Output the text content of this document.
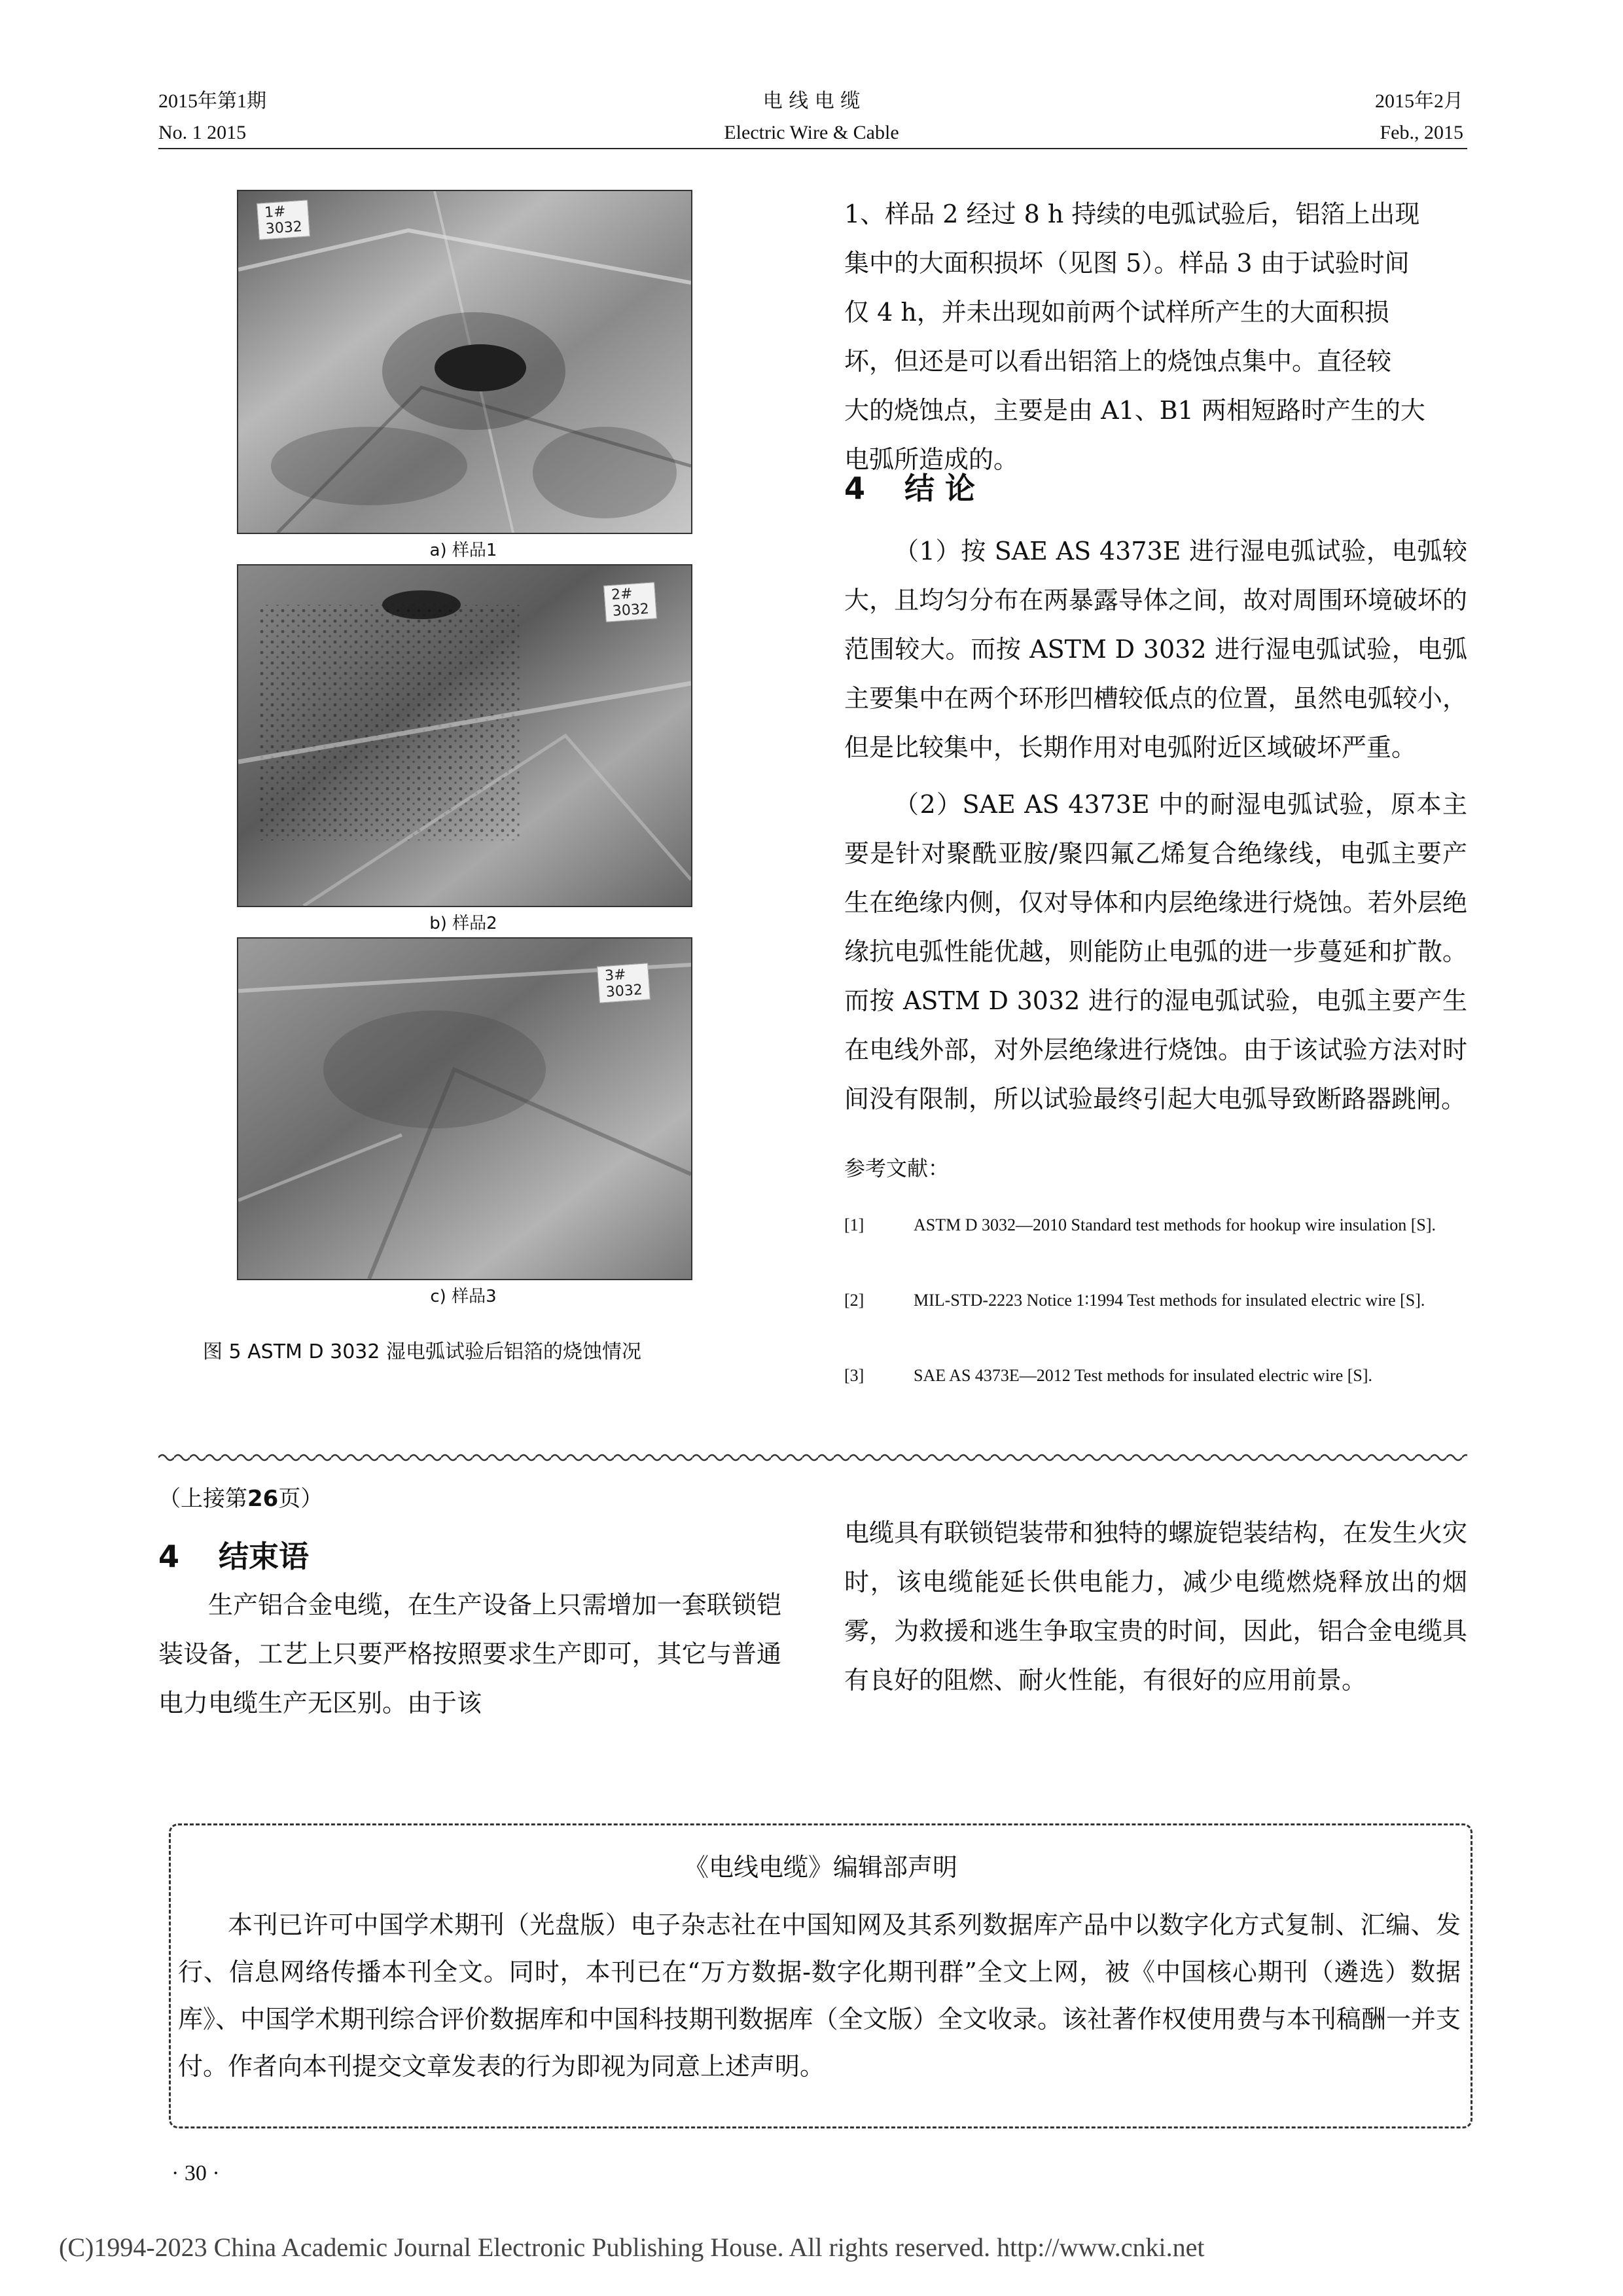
2015年第1期
No. 1 2015
电 线 电 缆
Electric Wire & Cable
2015年2月
Feb., 2015
1#
3032
a) 样品1
2#
3032
b) 样品2
3#
3032
c) 样品3
图 5 ASTM D 3032 湿电弧试验后铝箔的烧蚀情况
1、样品 2 经过 8 h 持续的电弧试验后，铝箔上出现
集中的大面积损坏（见图 5）。样品 3 由于试验时间
仅 4 h，并未出现如前两个试样所产生的大面积损
坏，但还是可以看出铝箔上的烧蚀点集中。直径较
大的烧蚀点，主要是由 A1、B1 两相短路时产生的大
电弧所造成的。
4 结 论

（1）按 SAE AS 4373E 进行湿电弧试验，电弧较大，且均匀分布在两暴露导体之间，故对周围环境破坏的范围较大。而按 ASTM D 3032 进行湿电弧试验，电弧主要集中在两个环形凹槽较低点的位置，虽然电弧较小，但是比较集中，长期作用对电弧附近区域破坏严重。

（2）SAE AS 4373E 中的耐湿电弧试验，原本主要是针对聚酰亚胺/聚四氟乙烯复合绝缘线，电弧主要产生在绝缘内侧，仅对导体和内层绝缘进行烧蚀。若外层绝缘抗电弧性能优越，则能防止电弧的进一步蔓延和扩散。而按 ASTM D 3032 进行的湿电弧试验，电弧主要产生在电线外部，对外层绝缘进行烧蚀。由于该试验方法对时间没有限制，所以试验最终引起大电弧导致断路器跳闸。

参考文献：
[1]	ASTM D 3032—2010 Standard test methods for hookup wire insulation [S].
[2]	MIL-STD-2223 Notice 1∶1994 Test methods for insulated electric wire [S].
[3]	SAE AS 4373E—2012 Test methods for insulated electric wire [S].
（上接第26页）
4 结束语

生产铝合金电缆，在生产设备上只需增加一套联锁铠装设备，工艺上只要严格按照要求生产即可，其它与普通电力电缆生产无区别。由于该

电缆具有联锁铠装带和独特的螺旋铠装结构，在发生火灾时，该电缆能延长供电能力，减少电缆燃烧释放出的烟雾，为救援和逃生争取宝贵的时间，因此，铝合金电缆具有良好的阻燃、耐火性能，有很好的应用前景。

《电线电缆》编辑部声明

本刊已许可中国学术期刊（光盘版）电子杂志社在中国知网及其系列数据库产品中以数字化方式复制、汇编、发行、信息网络传播本刊全文。同时，本刊已在“万方数据-数字化期刊群”全文上网，被《中国核心期刊（遴选）数据库》、中国学术期刊综合评价数据库和中国科技期刊数据库（全文版）全文收录。该社著作权使用费与本刊稿酬一并支付。作者向本刊提交文章发表的行为即视为同意上述声明。

· 30 ·
(C)1994-2023 China Academic Journal Electronic Publishing House. All rights reserved. http://www.cnki.net
